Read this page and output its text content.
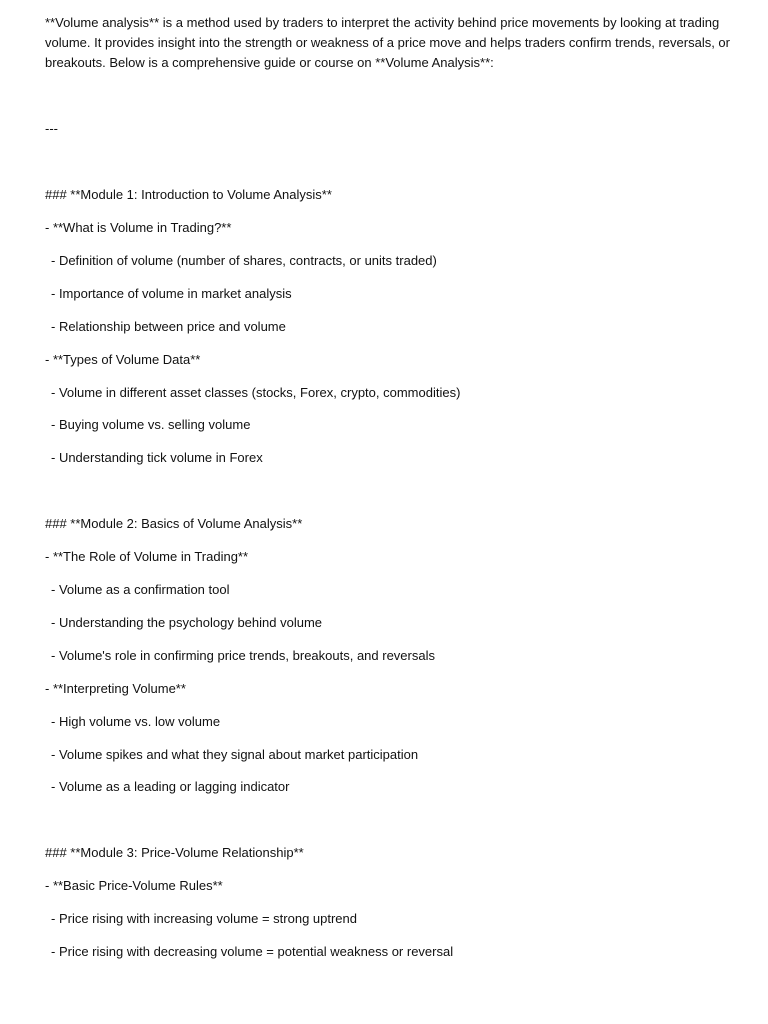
**Volume analysis** is a method used by traders to interpret the activity behind price movements by looking at trading
volume. It provides insight into the strength or weakness of a price move and helps traders confirm trends, reversals, or
breakouts. Below is a comprehensive guide or course on **Volume Analysis**:
---
### **Module 1: Introduction to Volume Analysis**
- **What is Volume in Trading?**
- Definition of volume (number of shares, contracts, or units traded)
- Importance of volume in market analysis
- Relationship between price and volume
- **Types of Volume Data**
- Volume in different asset classes (stocks, Forex, crypto, commodities)
- Buying volume vs. selling volume
- Understanding tick volume in Forex
### **Module 2: Basics of Volume Analysis**
- **The Role of Volume in Trading**
- Volume as a confirmation tool
- Understanding the psychology behind volume
- Volume's role in confirming price trends, breakouts, and reversals
- **Interpreting Volume**
- High volume vs. low volume
- Volume spikes and what they signal about market participation
- Volume as a leading or lagging indicator
### **Module 3: Price-Volume Relationship**
- **Basic Price-Volume Rules**
- Price rising with increasing volume = strong uptrend
- Price rising with decreasing volume = potential weakness or reversal
